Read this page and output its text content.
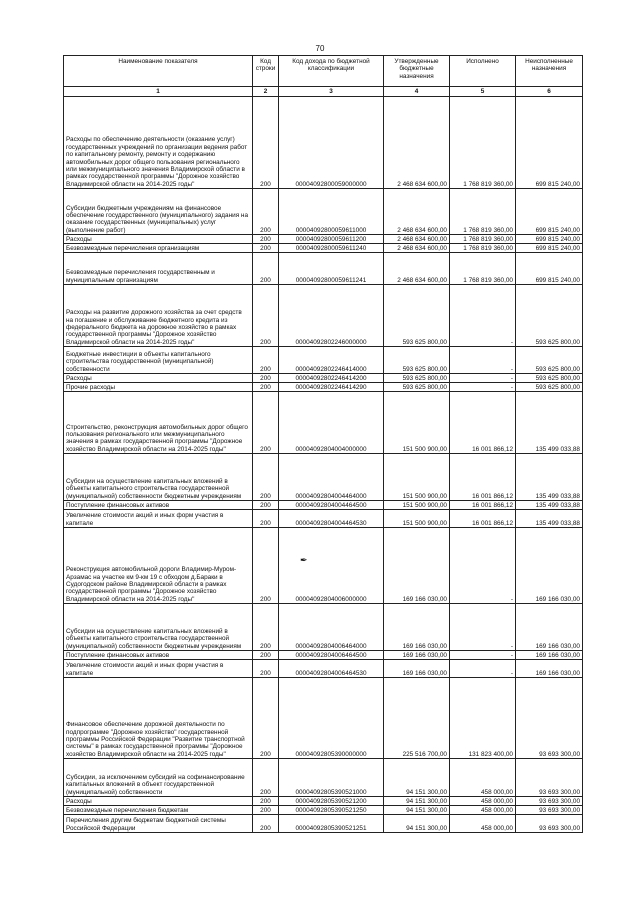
70
Наименование показателя	Код строки	Код дохода по бюджетной классификации	Утвержденные бюджетные назначения	Исполнено	Неисполненные назначения
1	2	3	4	5	6
Расходы по обеспечению деятельности (оказание услуг) государственных учреждений по организации ведения работ по капитальному ремонту, ремонту и содержанию автомобильных дорог общего пользования регионального или межмуниципального значения Владимирской области в рамках государственной программы "Дорожное хозяйство Владимирской области на 2014-2025 годы"	200	00004092800059000000	2 468 634 600,00	1 768 819 360,00	699 815 240,00
Субсидии бюджетным учреждениям на финансовое обеспечение государственного (муниципального) задания на оказание государственных (муниципальных) услуг (выполнение работ)	200	00004092800059611000	2 468 634 600,00	1 768 819 360,00	699 815 240,00
Расходы	200	00004092800059611200	2 468 634 600,00	1 768 819 360,00	699 815 240,00
Безвозмездные перечисления организациям	200	00004092800059611240	2 468 634 600,00	1 768 819 360,00	699 815 240,00
Безвозмездные перечисления государственным и муниципальным организациям	200	00004092800059611241	2 468 634 600,00	1 768 819 360,00	699 815 240,00
Расходы на развитие дорожного хозяйства за счет средств на погашение и обслуживание бюджетного кредита из федерального бюджета на дорожное хозяйство в рамках государственной программы "Дорожное хозяйство Владимирской области на 2014-2025 годы"	200	00004092802246000000	593 625 800,00	-	593 625 800,00
Бюджетные инвестиции в объекты капитального строительства государственной (муниципальной) собственности	200	00004092802246414000	593 625 800,00	-	593 625 800,00
Расходы	200	00004092802246414200	593 625 800,00	-	593 625 800,00
Прочие расходы	200	00004092802246414290	593 625 800,00	-	593 625 800,00
Строительство, реконструкция автомобильных дорог общего пользования регионального или межмуниципального значения в рамках государственной программы "Дорожное хозяйство Владимирской области на 2014-2025 годы"	200	00004092804004000000	151 500 900,00	16 001 866,12	135 499 033,88
Субсидии на осуществление капитальных вложений в объекты капитального строительства государственной (муниципальной) собственности бюджетным учреждениям	200	00004092804004464000	151 500 900,00	16 001 866,12	135 499 033,88
Поступление финансовых активов	200	00004092804004464500	151 500 900,00	16 001 866,12	135 499 033,88
Увеличение стоимости акций и иных форм участия в капитале	200	00004092804004464530	151 500 900,00	16 001 866,12	135 499 033,88
Реконструкция автомобильной дороги Владимир-Муром-Арзамас на участке км 9-км 19 с обходом д.Бараки в Судогодском районе Владимирской области в рамках государственной программы "Дорожное хозяйство Владимирской области на 2014-2025 годы"	200	00004092804006000000	169 166 030,00	-	169 166 030,00
Субсидии на осуществление капитальных вложений в объекты капитального строительства государственной (муниципальной) собственности бюджетным учреждениям	200	00004092804006464000	169 166 030,00	-	169 166 030,00
Поступление финансовых активов	200	00004092804006464500	169 166 030,00	-	169 166 030,00
Увеличение стоимости акций и иных форм участия в капитале	200	00004092804006464530	169 166 030,00	-	169 166 030,00
Финансовое обеспечение дорожной деятельности по подпрограмме "Дорожное хозяйство" государственной программы Российской Федерации "Развитие транспортной системы" в рамках государственной программы "Дорожное хозяйство Владимирской области на 2014-2025 годы"	200	00004092805390000000	225 516 700,00	131 823 400,00	93 693 300,00
Субсидии, за исключением субсидий на софинансирование капитальных вложений в объект государственной (муниципальной) собственности	200	00004092805390521000	94 151 300,00	458 000,00	93 693 300,00
Расходы	200	00004092805390521200	94 151 300,00	458 000,00	93 693 300,00
Безвозмездные перечисления бюджетам	200	00004092805390521250	94 151 300,00	458 000,00	93 693 300,00
Перечисления другим бюджетам бюджетной системы Российской Федерации	200	00004092805390521251	94 151 300,00	458 000,00	93 693 300,00
✒
